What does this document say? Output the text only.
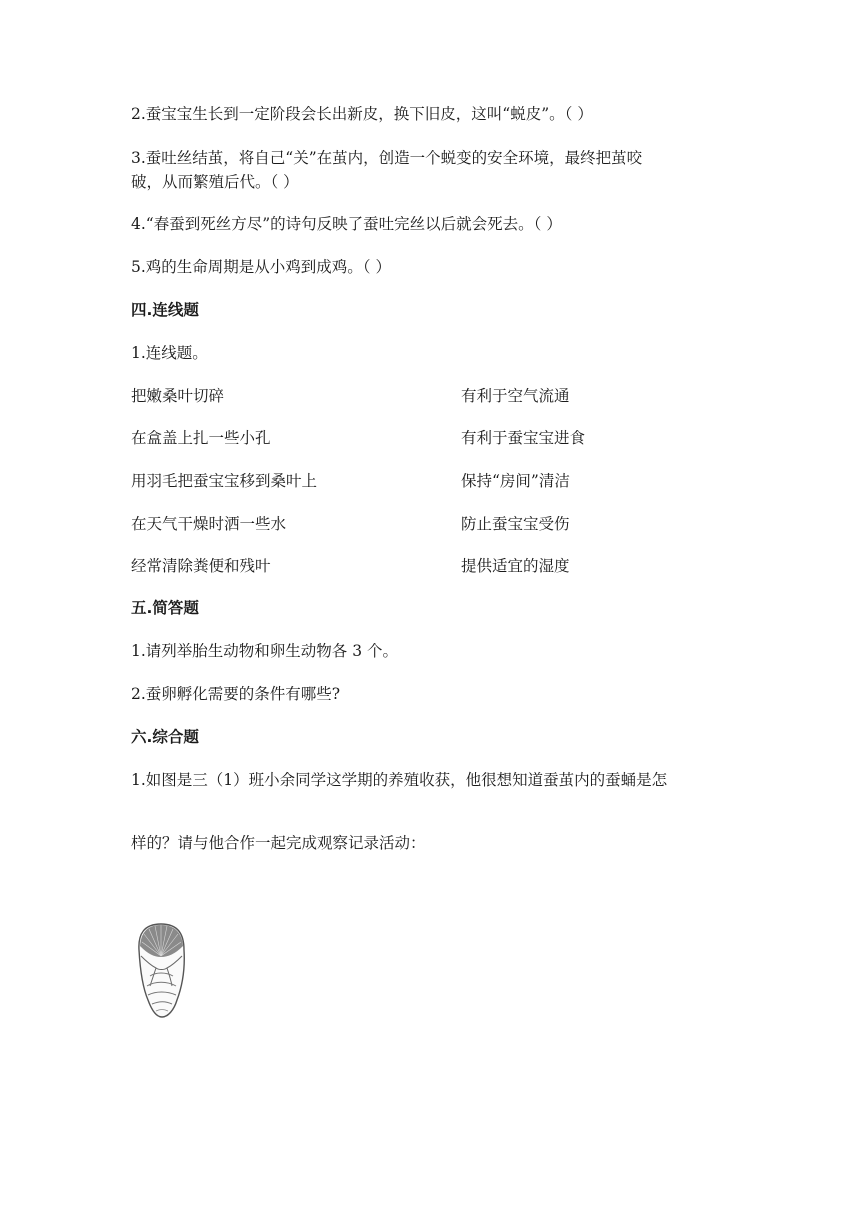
2.蚕宝宝生长到一定阶段会长出新皮，换下旧皮，这叫“蜕皮”。（ ）
3.蚕吐丝结茧，将自己“关”在茧内，创造一个蜕变的安全环境，最终把茧咬
破，从而繁殖后代。（ ）
4.“春蚕到死丝方尽”的诗句反映了蚕吐完丝以后就会死去。（ ）
5.鸡的生命周期是从小鸡到成鸡。（ ）
四.连线题
1.连线题。
把嫩桑叶切碎	有利于空气流通
在盒盖上扎一些小孔	有利于蚕宝宝进食
用羽毛把蚕宝宝移到桑叶上	保持“房间”清洁
在天气干燥时洒一些水	防止蚕宝宝受伤
经常清除粪便和残叶	提供适宜的湿度
五.简答题
1.请列举胎生动物和卵生动物各 3 个。
2.蚕卵孵化需要的条件有哪些?
六.综合题
1.如图是三（1）班小余同学这学期的养殖收获，他很想知道蚕茧内的蚕蛹是怎
样的？请与他合作一起完成观察记录活动：
